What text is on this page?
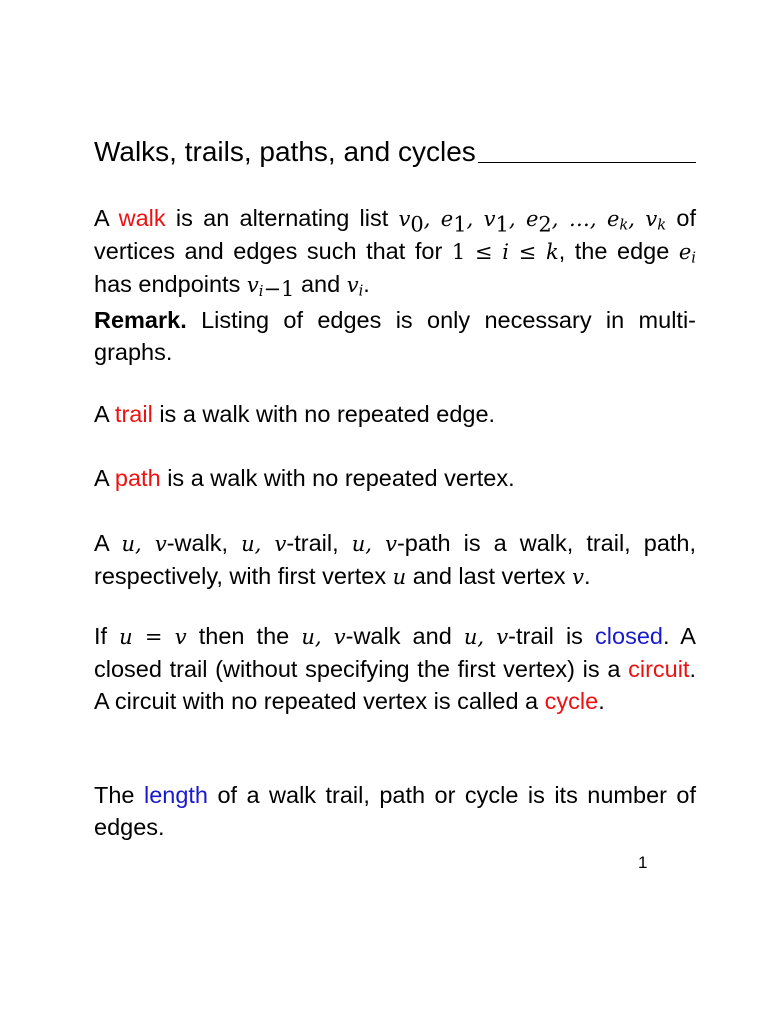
Walks, trails, paths, and cycles

A walk is an alternating list $v_0$, $e_1$, $v_1$, $e_2$, …, $e_k$, $v_k$ of vertices and edges such that for 1 ≤ i ≤ k, the edge $e_i$ has endpoints $v_{i-1}$ and $v_i$.

Remark. Listing of edges is only necessary in multi-graphs.

A trail is a walk with no repeated edge.

A path is a walk with no repeated vertex.

A u, v-walk, u, v-trail, u, v-path is a walk, trail, path, respectively, with first vertex u and last vertex v.

If u = v then the u, v-walk and u, v-trail is closed. A closed trail (without specifying the first vertex) is a circuit. A circuit with no repeated vertex is called a cycle.

The length of a walk trail, path or cycle is its number of edges.

1
